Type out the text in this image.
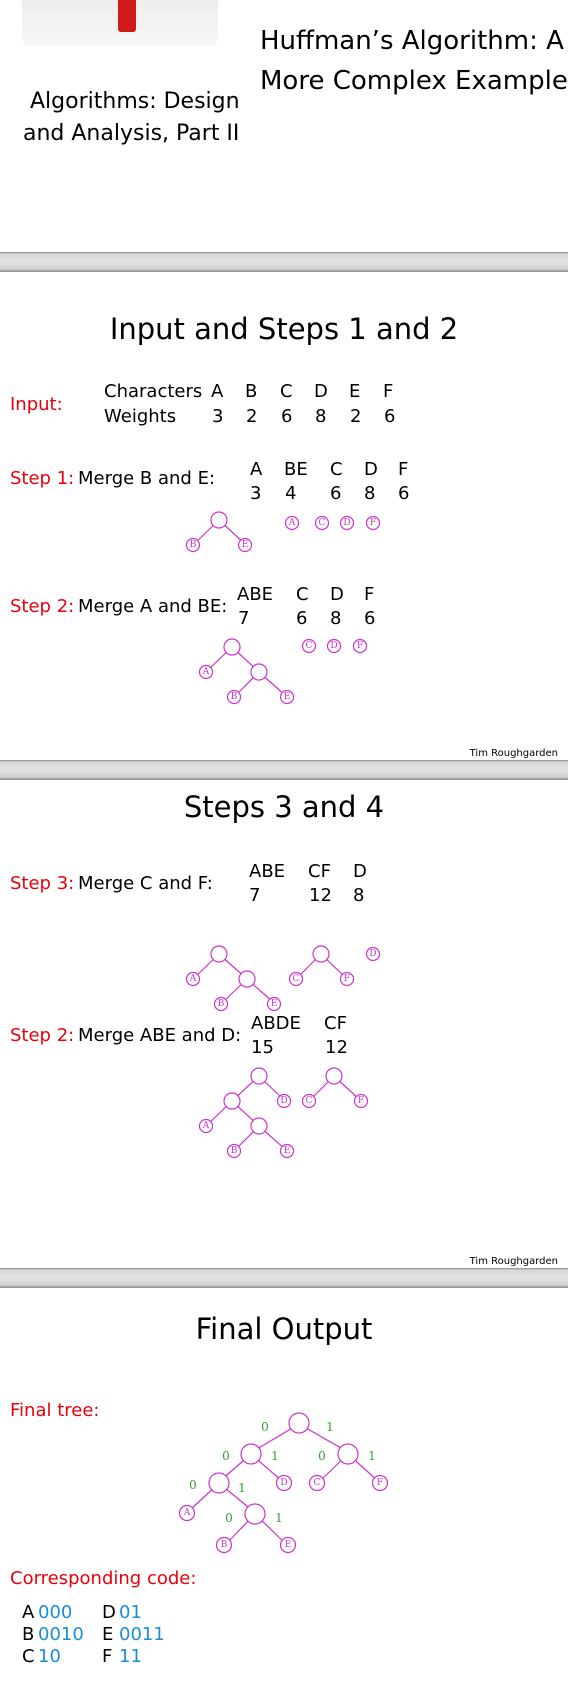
Huffman’s Algorithm: A
More Complex Example
Algorithms: Design
and Analysis, Part II
Input and Steps 1 and 2
Input:
Characters
Weights
A B C D E F
3 2 6 8 2 6
Step 1: Merge B and E: A BE C D F
3 4 6 8 6
B	E
A	C D F
Step 2: Merge A and BE:
ABE C D F
7	6 8 6
A
B	E
C D F
Tim Roughgarden
Steps 3 and 4
Step 3: Merge C and F:
ABE CF D
7	12 8
A
B	E
C	F
D
Step 2: Merge ABE and D:
ABDE CF
15	12
D
A
B	E
C	F
Tim Roughgarden
Final Output
Final tree:
D	C	F
A
B	E
0	1
0	1	0	1
0	1
0	1
Corresponding code:
A 000 D 01
B 0010 E 0011
C 10 F 11
